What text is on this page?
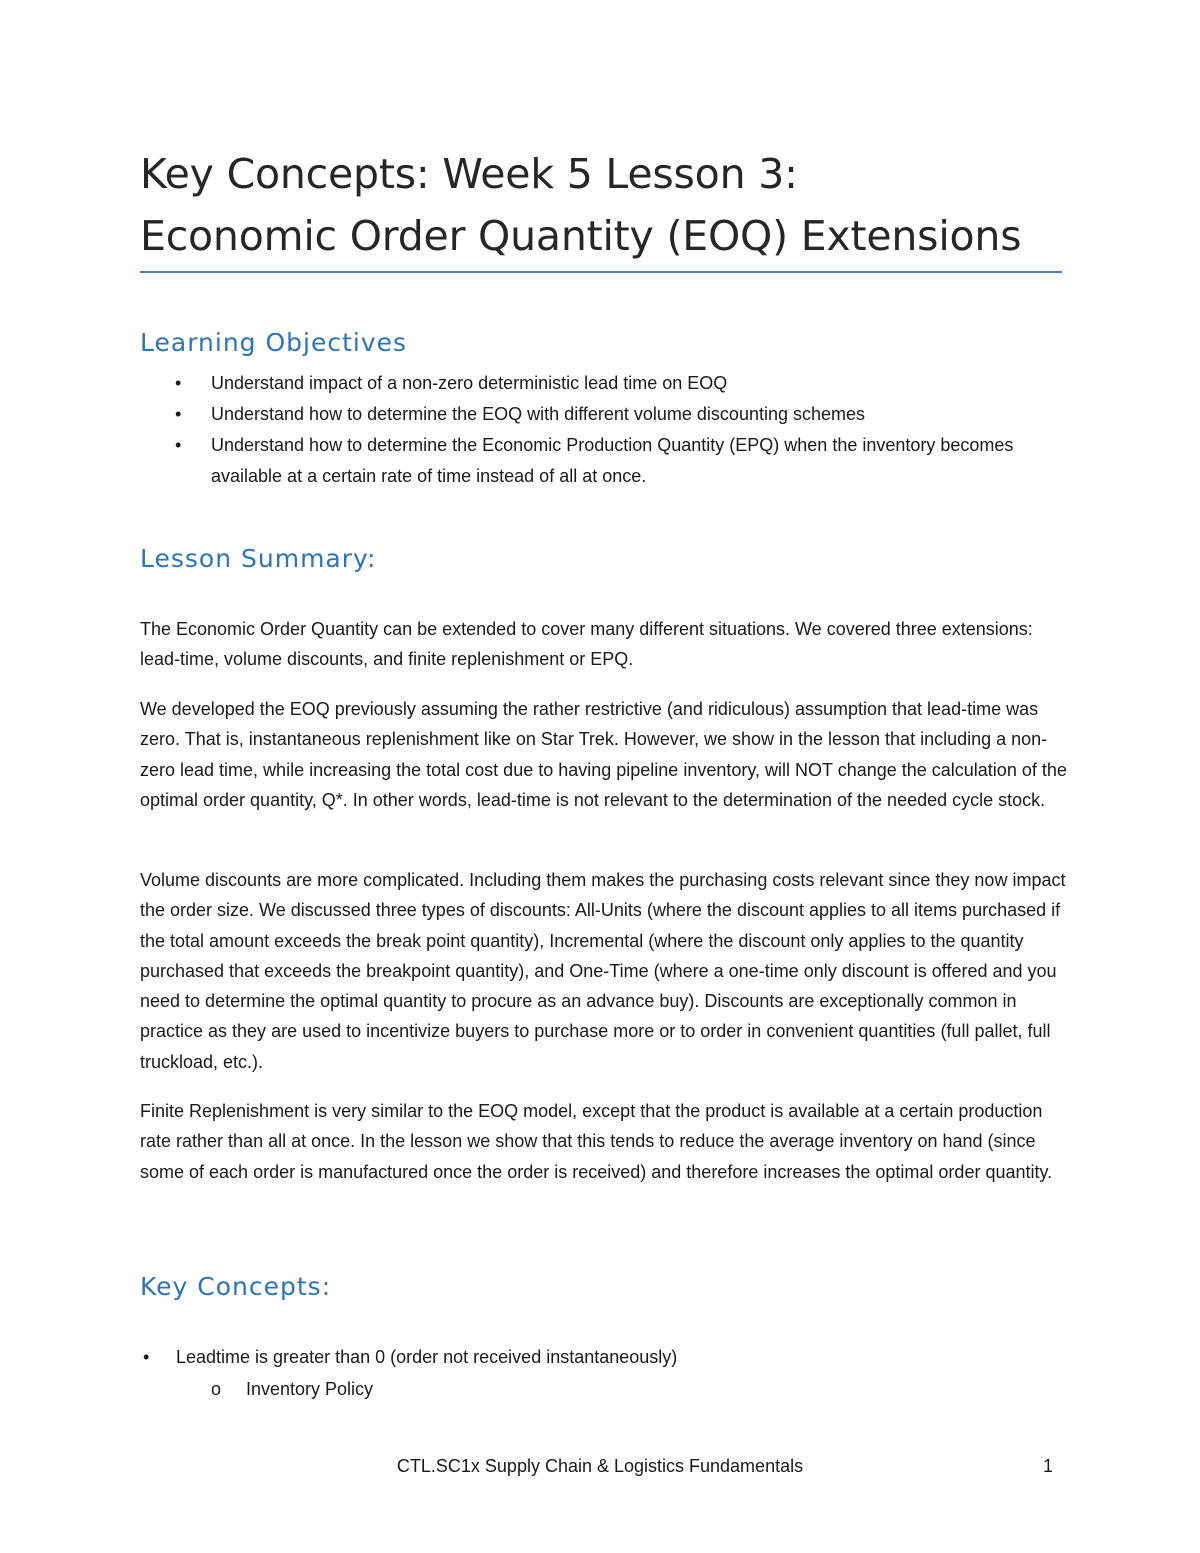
Key Concepts: Week 5 Lesson 3:
Economic Order Quantity (EOQ) Extensions
Learning Objectives
• Understand impact of a non-zero deterministic lead time on EOQ
• Understand how to determine the EOQ with different volume discounting schemes
• Understand how to determine the Economic Production Quantity (EPQ) when the inventory becomes available at a certain rate of time instead of all at once.
Lesson Summary:

The Economic Order Quantity can be extended to cover many different situations. We covered three extensions: lead-time, volume discounts, and finite replenishment or EPQ.

We developed the EOQ previously assuming the rather restrictive (and ridiculous) assumption that lead-time was zero. That is, instantaneous replenishment like on Star Trek. However, we show in the lesson that including a non-zero lead time, while increasing the total cost due to having pipeline inventory, will NOT change the calculation of the optimal order quantity, Q*. In other words, lead-time is not relevant to the determination of the needed cycle stock.

Volume discounts are more complicated. Including them makes the purchasing costs relevant since they now impact the order size. We discussed three types of discounts: All-Units (where the discount applies to all items purchased if the total amount exceeds the break point quantity), Incremental (where the discount only applies to the quantity purchased that exceeds the breakpoint quantity), and One-Time (where a one-time only discount is offered and you need to determine the optimal quantity to procure as an advance buy). Discounts are exceptionally common in practice as they are used to incentivize buyers to purchase more or to order in convenient quantities (full pallet, full truckload, etc.).

Finite Replenishment is very similar to the EOQ model, except that the product is available at a certain production rate rather than all at once. In the lesson we show that this tends to reduce the average inventory on hand (since some of each order is manufactured once the order is received) and therefore increases the optimal order quantity.

Key Concepts:
• Leadtime is greater than 0 (order not received instantaneously)
o Inventory Policy
CTL.SC1x Supply Chain & Logistics Fundamentals	1
